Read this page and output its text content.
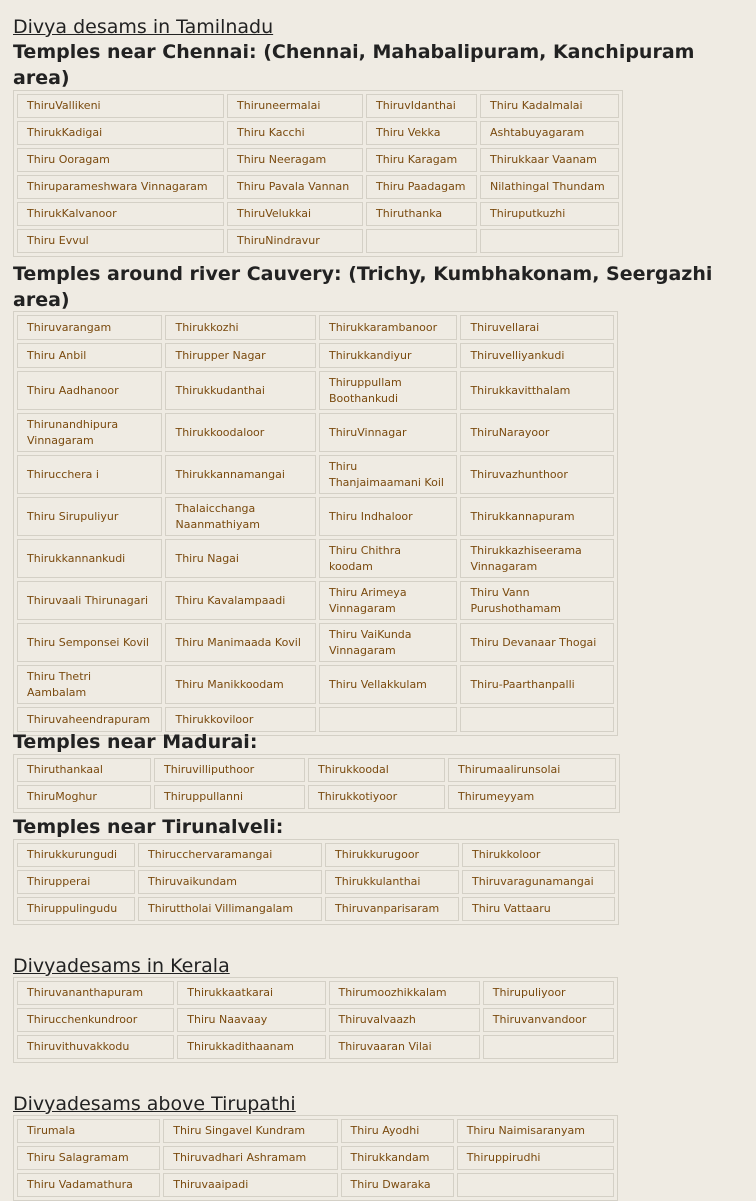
Divya desams in Tamilnadu
Temples near Chennai: (Chennai, Mahabalipuram, Kanchipuram area)
ThiruVallikeni	Thiruneermalai	ThiruvIdanthai	Thiru Kadalmalai
ThirukKadigai	Thiru Kacchi	Thiru Vekka	Ashtabuyagaram
Thiru Ooragam	Thiru Neeragam	Thiru Karagam	Thirukkaar Vaanam
Thiruparameshwara Vinnagaram	Thiru Pavala Vannan	Thiru Paadagam	Nilathingal Thundam
ThirukKalvanoor	ThiruVelukkai	Thiruthanka	Thiruputkuzhi
Thiru Evvul	ThiruNindravur		
Temples around river Cauvery: (Trichy, Kumbhakonam, Seergazhi area)
Thiruvarangam	Thirukkozhi	Thirukkarambanoor	Thiruvellarai
Thiru Anbil	Thirupper Nagar	Thirukkandiyur	Thiruvelliyankudi
Thiru Aadhanoor	Thirukkudanthai	Thiruppullam Boothankudi	Thirukkavitthalam
Thirunandhipura Vinnagaram	Thirukkoodaloor	ThiruVinnagar	ThiruNarayoor
Thirucchera i	Thirukkannamangai	Thiru Thanjaimaamani Koil	Thiruvazhunthoor
Thiru Sirupuliyur	Thalaicchanga Naanmathiyam	Thiru Indhaloor	Thirukkannapuram
Thirukkannankudi	Thiru Nagai	Thiru Chithra koodam	Thirukkazhiseerama Vinnagaram
Thiruvaali Thirunagari	Thiru Kavalampaadi	Thiru Arimeya Vinnagaram	Thiru Vann Purushothamam
Thiru Semponsei Kovil	Thiru Manimaada Kovil	Thiru VaiKunda Vinnagaram	Thiru Devanaar Thogai
Thiru Thetri Aambalam	Thiru Manikkoodam	Thiru Vellakkulam	Thiru-Paarthanpalli
Thiruvaheendrapuram	Thirukkoviloor		
Temples near Madurai:
Thiruthankaal	Thiruvilliputhoor	Thirukkoodal	Thirumaalirunsolai
ThiruMoghur	Thiruppullanni	Thirukkotiyoor	Thirumeyyam
Temples near Tirunalveli:
Thirukkurungudi	Thirucchervaramangai	Thirukkurugoor	Thirukkoloor
Thirupperai	Thiruvaikundam	Thirukkulanthai	Thiruvaragunamangai
Thiruppulingudu	Thiruttholai Villimangalam	Thiruvanparisaram	Thiru Vattaaru
Divyadesams in Kerala
Thiruvananthapuram	Thirukkaatkarai	Thirumoozhikkalam	Thirupuliyoor
Thirucchenkundroor	Thiru Naavaay	Thiruvalvaazh	Thiruvanvandoor
Thiruvithuvakkodu	Thirukkadithaanam	Thiruvaaran Vilai	
Divyadesams above Tirupathi
Tirumala	Thiru Singavel Kundram	Thiru Ayodhi	Thiru Naimisaranyam
Thiru Salagramam	Thiruvadhari Ashramam	Thirukkandam	Thiruppirudhi
Thiru Vadamathura	Thiruvaaipadi	Thiru Dwaraka	
